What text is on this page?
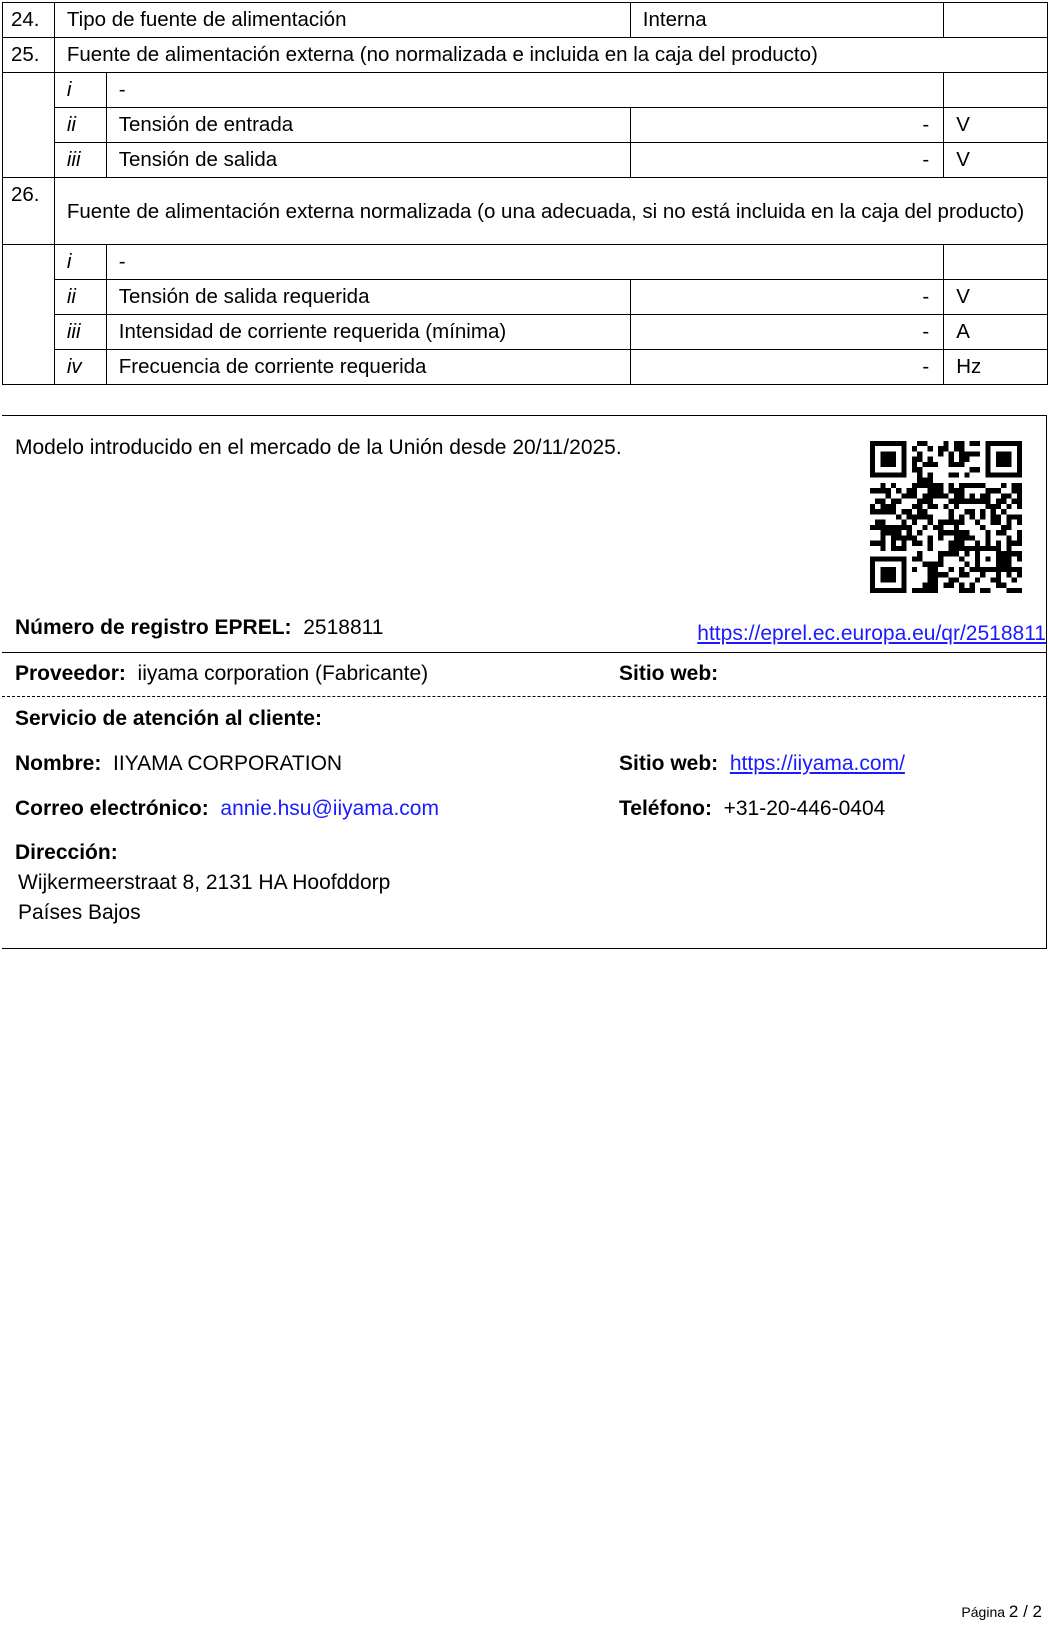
24.	Tipo de fuente de alimentación		Interna	
25.	Fuente de alimentación externa (no normalizada e incluida en la caja del producto)			
	i	-		
	ii	Tensión de entrada	-	V
	iii	Tensión de salida	-	V
26.	Fuente de alimentación externa normalizada (o una adecuada, si no está incluida en la caja del producto)			
	i	-		
	ii	Tensión de salida requerida	-	V
	iii	Intensidad de corriente requerida (mínima)	-	A
	iv	Frecuencia de corriente requerida	-	Hz
Modelo introducido en el mercado de la Unión desde 20/11/2025.
Número de registro EPREL: 2518811	https://eprel.ec.europa.eu/qr/2518811
Proveedor: iiyama corporation (Fabricante)	Sitio web:
Servicio de atención al cliente:
Nombre: IIYAMA CORPORATION	Sitio web: https://iiyama.com/
Correo electrónico: annie.hsu@iiyama.com	Teléfono: +31-20-446-0404
Dirección:
Wijkermeerstraat 8, 2131 HA Hoofddorp
Países Bajos
Página 2 / 2
